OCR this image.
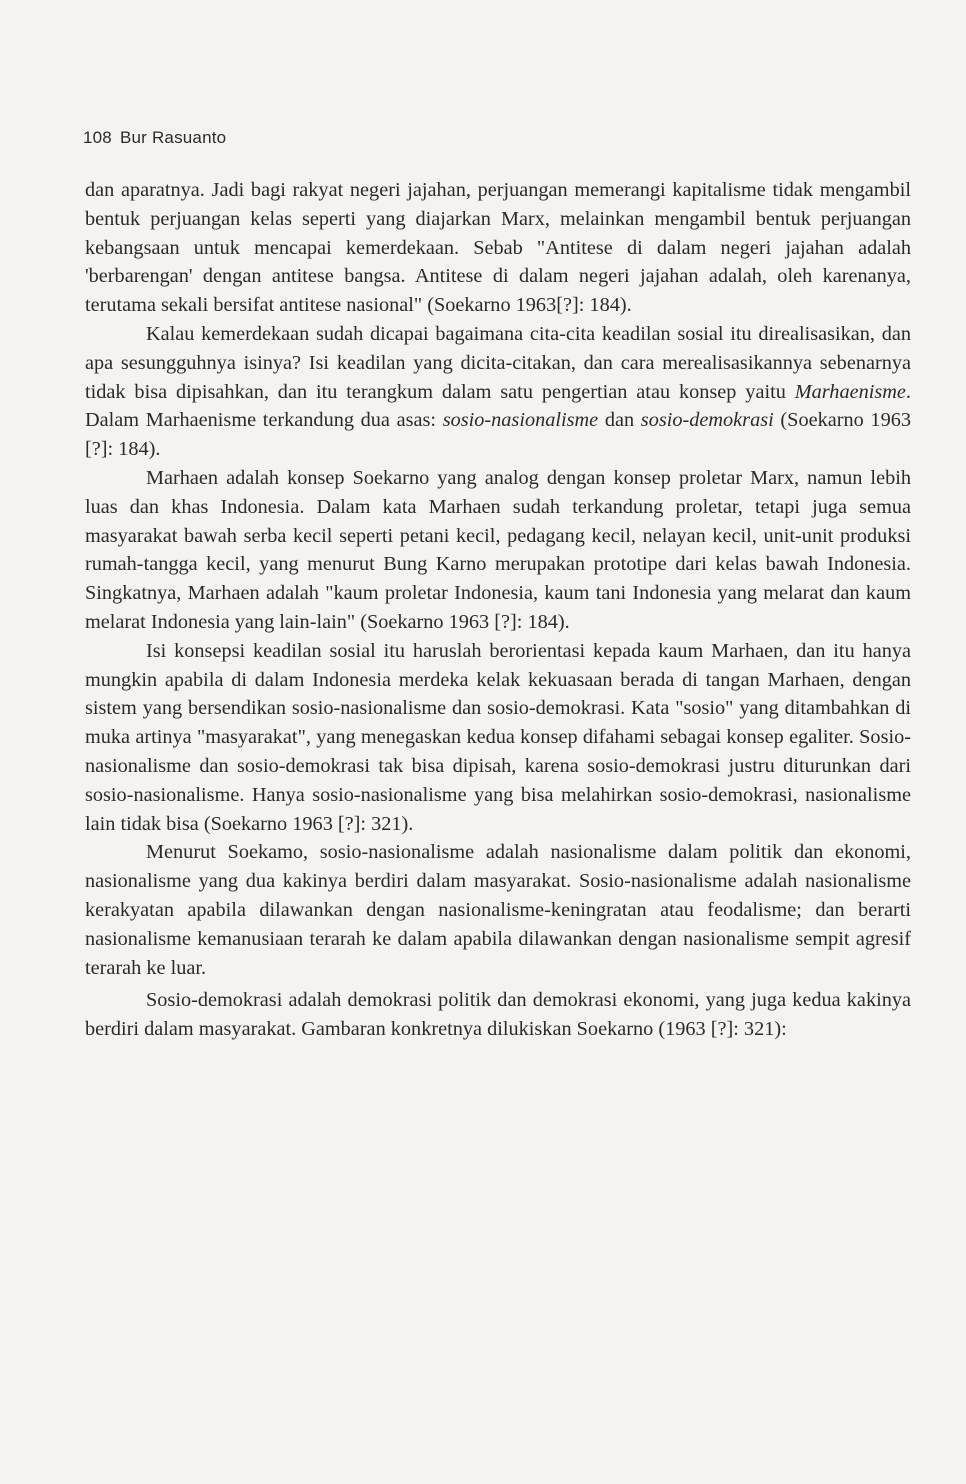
108 Bur Rasuanto

dan aparatnya. Jadi bagi rakyat negeri jajahan, perjuangan memerangi kapitalisme tidak mengambil bentuk perjuangan kelas seperti yang diajarkan Marx, melainkan mengambil bentuk perjuangan kebangsaan untuk mencapai kemerdekaan. Sebab "Antitese di dalam negeri jajahan adalah 'berbarengan' dengan antitese bangsa. Antitese di dalam negeri jajahan adalah, oleh karenanya, terutama sekali bersifat antitese nasional" (Soekarno 1963[?]: 184).

Kalau kemerdekaan sudah dicapai bagaimana cita-cita keadilan sosial itu direalisasikan, dan apa sesungguhnya isinya? Isi keadilan yang dicita-citakan, dan cara merealisasikannya sebenarnya tidak bisa dipisahkan, dan itu terangkum dalam satu pengertian atau konsep yaitu Marhaenisme. Dalam Marhaenisme terkandung dua asas: sosio-nasionalisme dan sosio-demokrasi (Soekarno 1963 [?]: 184).

Marhaen adalah konsep Soekarno yang analog dengan konsep proletar Marx, namun lebih luas dan khas Indonesia. Dalam kata Marhaen sudah terkandung proletar, tetapi juga semua masyarakat bawah serba kecil seperti petani kecil, pedagang kecil, nelayan kecil, unit-unit produksi rumah-tangga kecil, yang menurut Bung Karno merupakan prototipe dari kelas bawah Indonesia. Singkatnya, Marhaen adalah "kaum proletar Indonesia, kaum tani Indonesia yang melarat dan kaum melarat Indonesia yang lain-lain" (Soekarno 1963 [?]: 184).

Isi konsepsi keadilan sosial itu haruslah berorientasi kepada kaum Marhaen, dan itu hanya mungkin apabila di dalam Indonesia merdeka kelak kekuasaan berada di tangan Marhaen, dengan sistem yang bersendikan sosio-nasionalisme dan sosio-demokrasi. Kata "sosio" yang ditambahkan di muka artinya "masyarakat", yang menegaskan kedua konsep difahami sebagai konsep egaliter. Sosio-nasionalisme dan sosio-demokrasi tak bisa dipisah, karena sosio-demokrasi justru diturunkan dari sosio-nasionalisme. Hanya sosio-nasionalisme yang bisa melahirkan sosio-demokrasi, nasionalisme lain tidak bisa (Soekarno 1963 [?]: 321).

Menurut Soekamo, sosio-nasionalisme adalah nasionalisme dalam politik dan ekonomi, nasionalisme yang dua kakinya berdiri dalam masyarakat. Sosio-nasionalisme adalah nasionalisme kerakyatan apabila dilawankan dengan nasionalisme-keningratan atau feodalisme; dan berarti nasionalisme kemanusiaan terarah ke dalam apabila dilawankan dengan nasionalisme sempit agresif terarah ke luar.

Sosio-demokrasi adalah demokrasi politik dan demokrasi ekonomi, yang juga kedua kakinya berdiri dalam masyarakat. Gambaran konkretnya dilukiskan Soekarno (1963 [?]: 321):
